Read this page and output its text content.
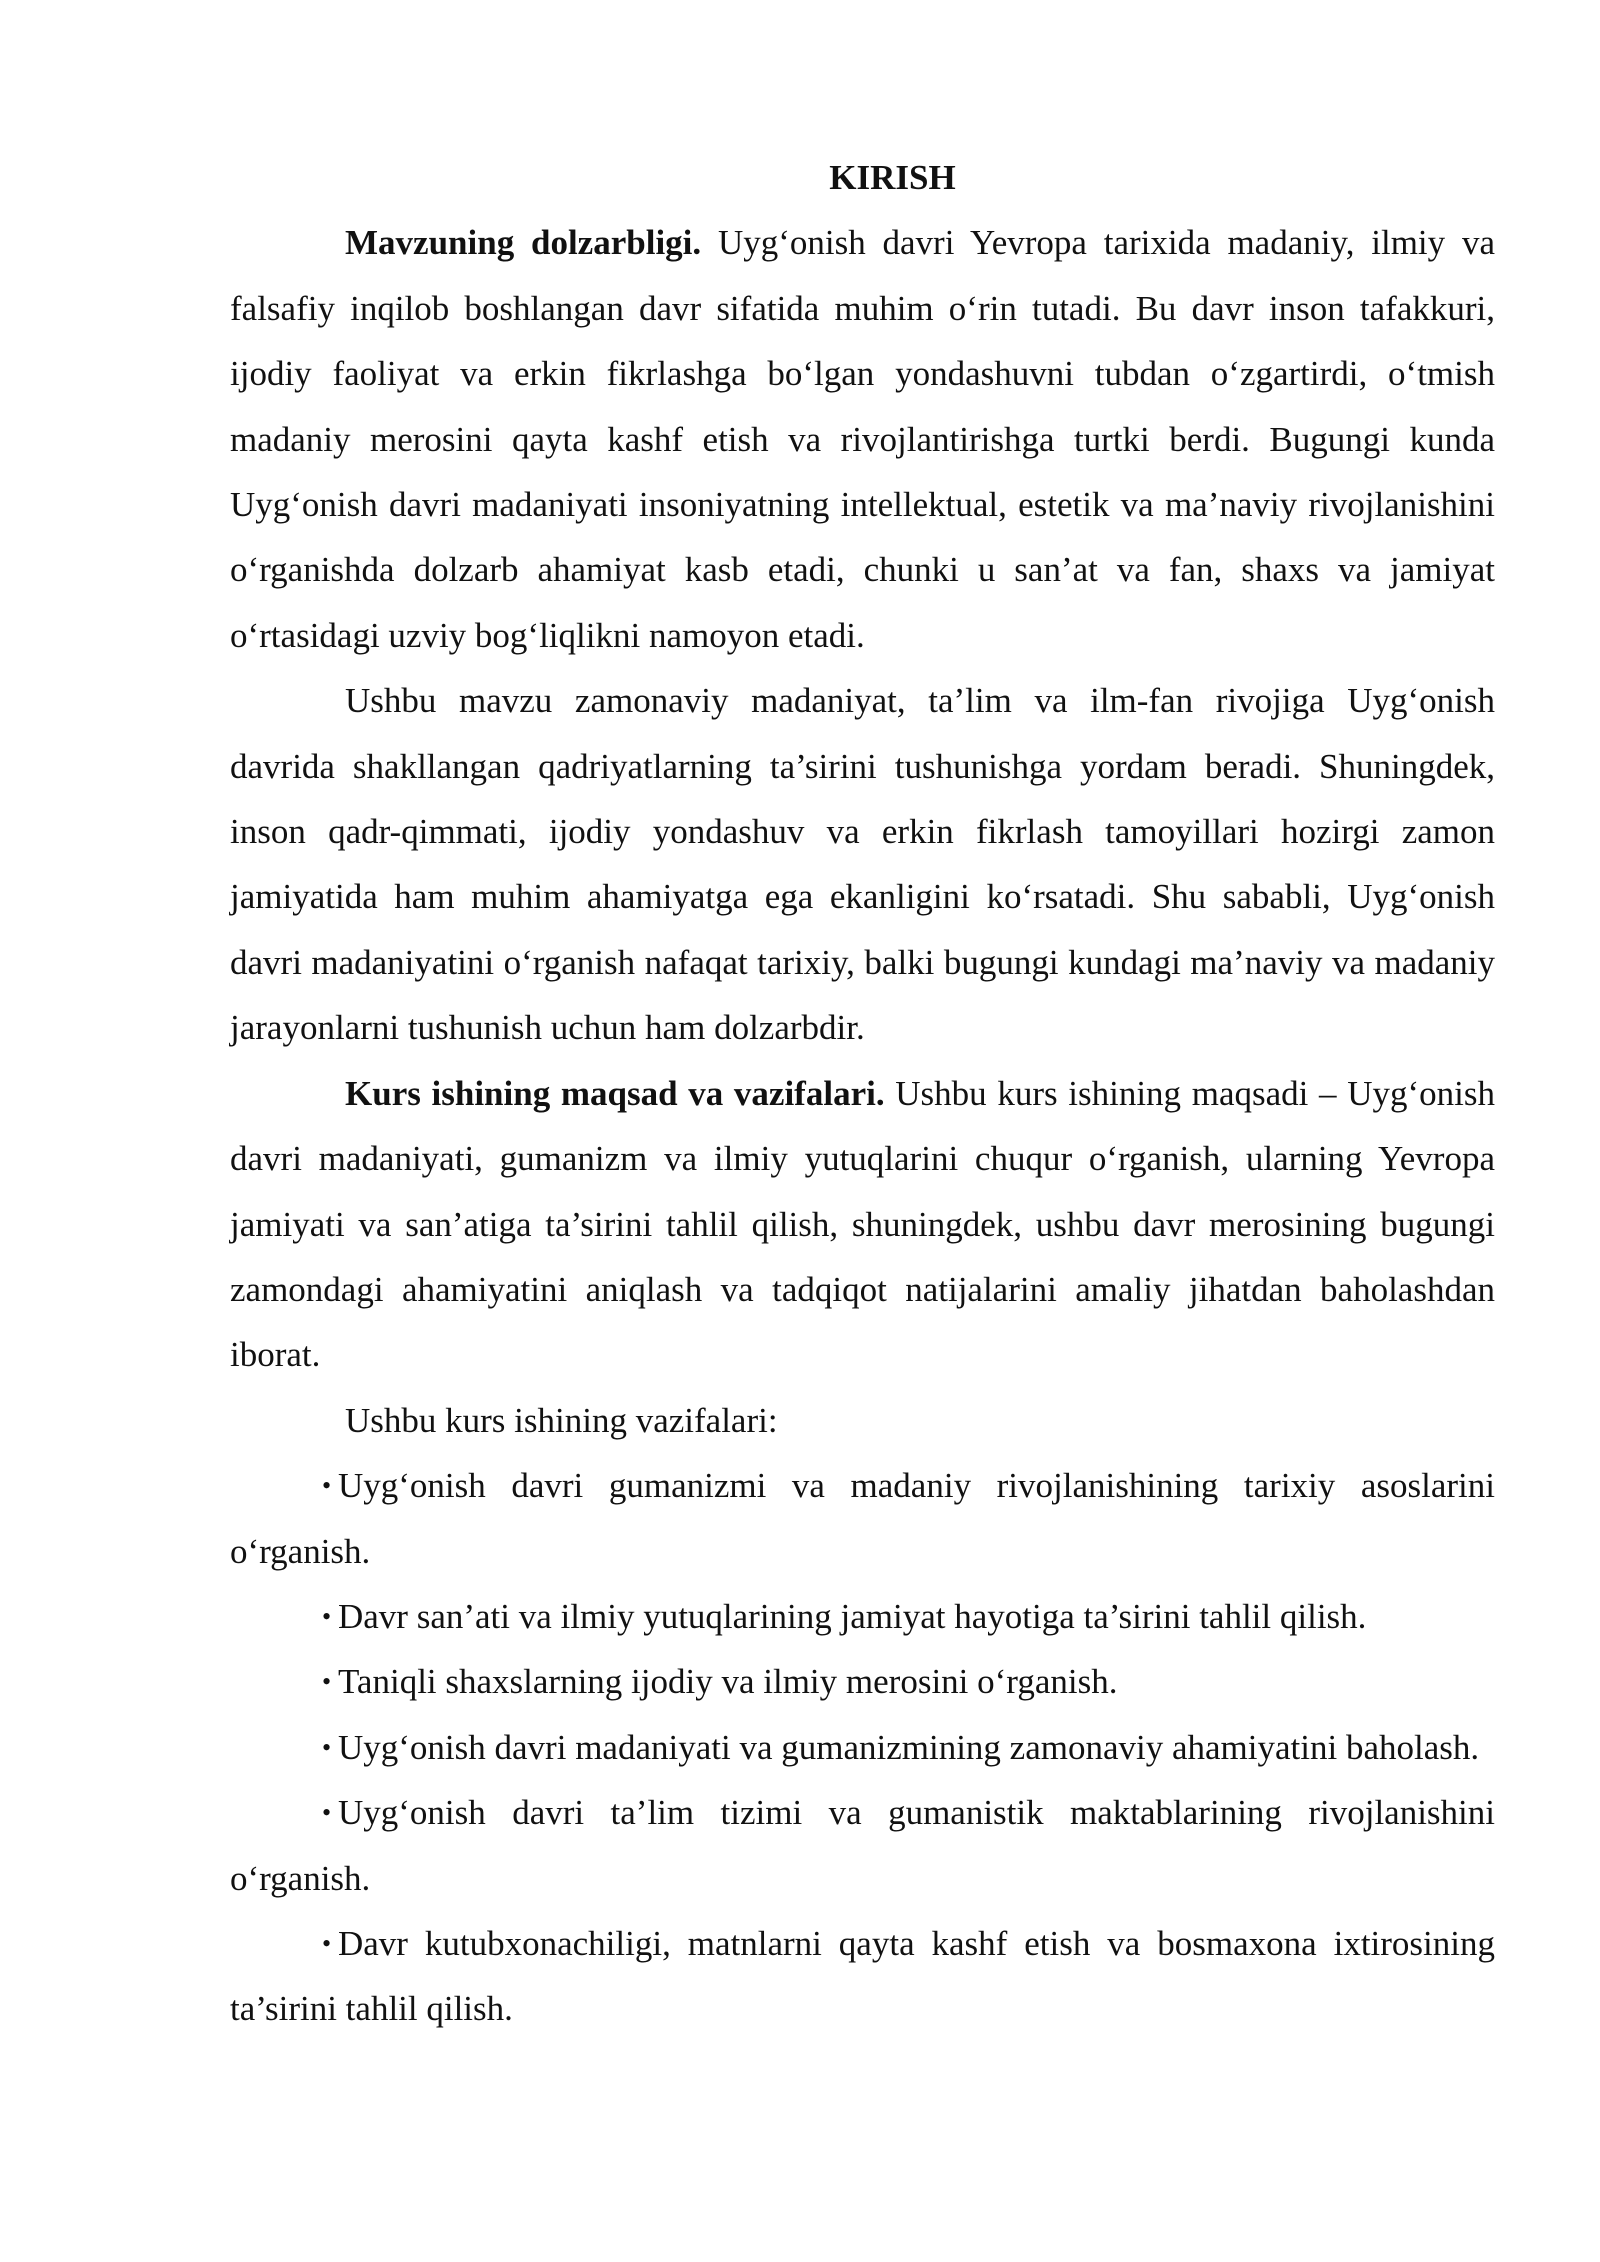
KIRISH

Mavzuning dolzarbligi. Uyg‘onish davri Yevropa tarixida madaniy, ilmiy va falsafiy inqilob boshlangan davr sifatida muhim o‘rin tutadi. Bu davr inson tafakkuri, ijodiy faoliyat va erkin fikrlashga bo‘lgan yondashuvni tubdan o‘zgartirdi, o‘tmish madaniy merosini qayta kashf etish va rivojlantirishga turtki berdi. Bugungi kunda Uyg‘onish davri madaniyati insoniyatning intellektual, estetik va ma’naviy rivojlanishini o‘rganishda dolzarb ahamiyat kasb etadi, chunki u san’at va fan, shaxs va jamiyat o‘rtasidagi uzviy bog‘liqlikni namoyon etadi.

Ushbu mavzu zamonaviy madaniyat, ta’lim va ilm-fan rivojiga Uyg‘onish davrida shakllangan qadriyatlarning ta’sirini tushunishga yordam beradi. Shuningdek, inson qadr-qimmati, ijodiy yondashuv va erkin fikrlash tamoyillari hozirgi zamon jamiyatida ham muhim ahamiyatga ega ekanligini ko‘rsatadi. Shu sababli, Uyg‘onish davri madaniyatini o‘rganish nafaqat tarixiy, balki bugungi kundagi ma’naviy va madaniy jarayonlarni tushunish uchun ham dolzarbdir.

Kurs ishining maqsad va vazifalari. Ushbu kurs ishining maqsadi – Uyg‘onish davri madaniyati, gumanizm va ilmiy yutuqlarini chuqur o‘rganish, ularning Yevropa jamiyati va san’atiga ta’sirini tahlil qilish, shuningdek, ushbu davr merosining bugungi zamondagi ahamiyatini aniqlash va tadqiqot natijalarini amaliy jihatdan baholashdan iborat.

Ushbu kurs ishining vazifalari:

• Uyg‘onish davri gumanizmi va madaniy rivojlanishining tarixiy asoslarini o‘rganish.

• Davr san’ati va ilmiy yutuqlarining jamiyat hayotiga ta’sirini tahlil qilish.

• Taniqli shaxslarning ijodiy va ilmiy merosini o‘rganish.

• Uyg‘onish davri madaniyati va gumanizmining zamonaviy ahamiyatini baholash.

• Uyg‘onish davri ta’lim tizimi va gumanistik maktablarining rivojlanishini o‘rganish.

• Davr kutubxonachiligi, matnlarni qayta kashf etish va bosmaxona ixtirosining ta’sirini tahlil qilish.
